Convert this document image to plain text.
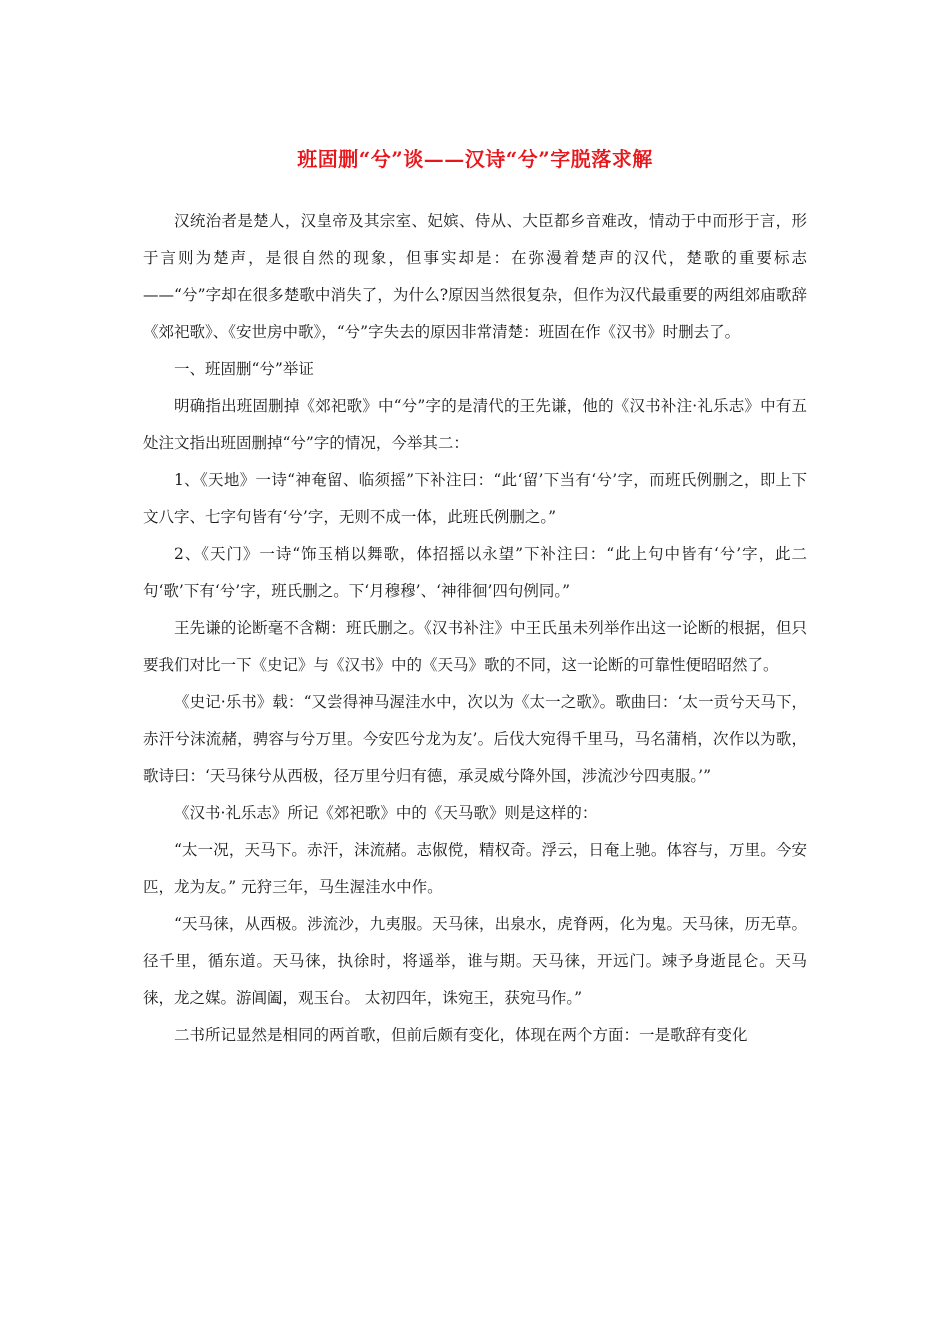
班固删“兮”谈——汉诗“兮”字脱落求解

汉统治者是楚人，汉皇帝及其宗室、妃嫔、侍从、大臣都乡音难改，情动于中而形于言，形于言则为楚声，是很自然的现象，但事实却是：在弥漫着楚声的汉代，楚歌的重要标志——“兮”字却在很多楚歌中消失了，为什么?原因当然很复杂，但作为汉代最重要的两组郊庙歌辞《郊祀歌》、《安世房中歌》，“兮”字失去的原因非常清楚：班固在作《汉书》时删去了。

一、班固删“兮”举证

明确指出班固删掉《郊祀歌》中“兮”字的是清代的王先谦，他的《汉书补注·礼乐志》中有五处注文指出班固删掉“兮”字的情况，今举其二：

1、《天地》一诗“神奄留、临须摇”下补注曰：“此‘留’下当有‘兮’字，而班氏例删之，即上下文八字、七字句皆有‘兮’字，无则不成一体，此班氏例删之。”

2、《天门》一诗“饰玉梢以舞歌，体招摇以永望”下补注曰：“此上句中皆有‘兮’字，此二句‘歌’下有‘兮’字，班氏删之。下‘月穆穆’、‘神徘徊’四句例同。”

王先谦的论断毫不含糊：班氏删之。《汉书补注》中王氏虽未列举作出这一论断的根据，但只要我们对比一下《史记》与《汉书》中的《天马》歌的不同，这一论断的可靠性便昭昭然了。

《史记·乐书》载：“又尝得神马渥洼水中，次以为《太一之歌》。歌曲曰：‘太一贡兮天马下，赤汗兮沫流赭，骋容与兮万里。今安匹兮龙为友’。后伐大宛得千里马，马名蒲梢，次作以为歌，歌诗曰：‘天马徕兮从西极，径万里兮归有德，承灵威兮降外国，涉流沙兮四夷服。’”

《汉书·礼乐志》所记《郊祀歌》中的《天马歌》则是这样的：

“太一况，天马下。赤汗，沫流赭。志俶傥，精权奇。浮云，日奄上驰。体容与，万里。今安匹，龙为友。” 元狩三年，马生渥洼水中作。

“天马徕，从西极。涉流沙，九夷服。天马徕，出泉水，虎脊两，化为鬼。天马徕，历无草。径千里，循东道。天马徕，执徐时，将遥举，谁与期。天马徕，开远门。竦予身逝昆仑。天马徕，龙之媒。游阊阖，观玉台。 太初四年，诛宛王，获宛马作。”

二书所记显然是相同的两首歌，但前后颇有变化，体现在两个方面：一是歌辞有变化
